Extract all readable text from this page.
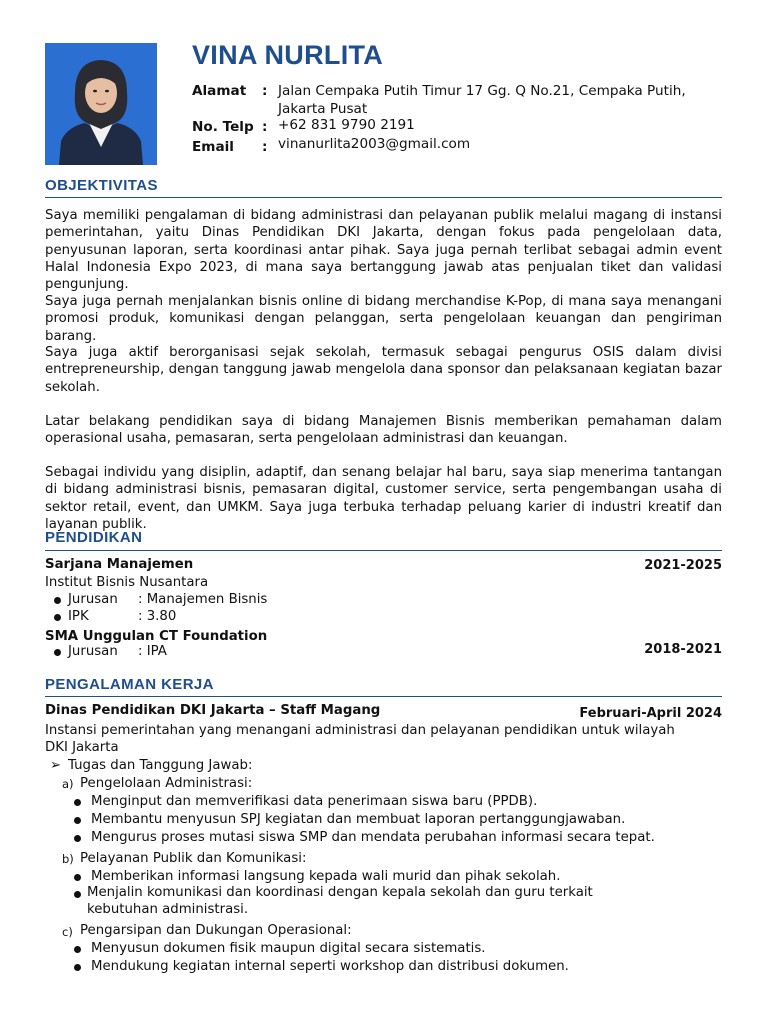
VINA NURLITA
Alamat	: Jalan Cempaka Putih Timur 17 Gg. Q No.21, Cempaka Putih, Jakarta Pusat
No. Telp : +62 831 9790 2191
Email	: vinanurlita2003@gmail.com
OBJEKTIVITAS
Saya memiliki pengalaman di bidang administrasi dan pelayanan publik melalui magang di instansi pemerintahan, yaitu Dinas Pendidikan DKI Jakarta, dengan fokus pada pengelolaan data, penyusunan laporan, serta koordinasi antar pihak. Saya juga pernah terlibat sebagai admin event Halal Indonesia Expo 2023, di mana saya bertanggung jawab atas penjualan tiket dan validasi pengunjung.
Saya juga pernah menjalankan bisnis online di bidang merchandise K-Pop, di mana saya menangani promosi produk, komunikasi dengan pelanggan, serta pengelolaan keuangan dan pengiriman barang.
Saya juga aktif berorganisasi sejak sekolah, termasuk sebagai pengurus OSIS dalam divisi entrepreneurship, dengan tanggung jawab mengelola dana sponsor dan pelaksanaan kegiatan bazar sekolah.
Latar belakang pendidikan saya di bidang Manajemen Bisnis memberikan pemahaman dalam operasional usaha, pemasaran, serta pengelolaan administrasi dan keuangan.
Sebagai individu yang disiplin, adaptif, dan senang belajar hal baru, saya siap menerima tantangan di bidang administrasi bisnis, pemasaran digital, customer service, serta pengembangan usaha di sektor retail, event, dan UMKM. Saya juga terbuka terhadap peluang karier di industri kreatif dan layanan publik.
PENDIDIKAN
Sarjana Manajemen	2021-2025
Institut Bisnis Nusantara
Jurusan : Manajemen Bisnis
IPK	: 3.80
SMA Unggulan CT Foundation
Jurusan : IPA	2018-2021
PENGALAMAN KERJA
Dinas Pendidikan DKI Jakarta – Staff Magang	Februari-April 2024
Instansi pemerintahan yang menangani administrasi dan pelayanan pendidikan untuk wilayah DKI Jakarta
➢ Tugas dan Tanggung Jawab:
a) Pengelolaan Administrasi:
Menginput dan memverifikasi data penerimaan siswa baru (PPDB).
Membantu menyusun SPJ kegiatan dan membuat laporan pertanggungjawaban.
Mengurus proses mutasi siswa SMP dan mendata perubahan informasi secara tepat.
b) Pelayanan Publik dan Komunikasi:
Memberikan informasi langsung kepada wali murid dan pihak sekolah.
Menjalin komunikasi dan koordinasi dengan kepala sekolah dan guru terkait kebutuhan administrasi.
c) Pengarsipan dan Dukungan Operasional:
Menyusun dokumen fisik maupun digital secara sistematis.
Mendukung kegiatan internal seperti workshop dan distribusi dokumen.
